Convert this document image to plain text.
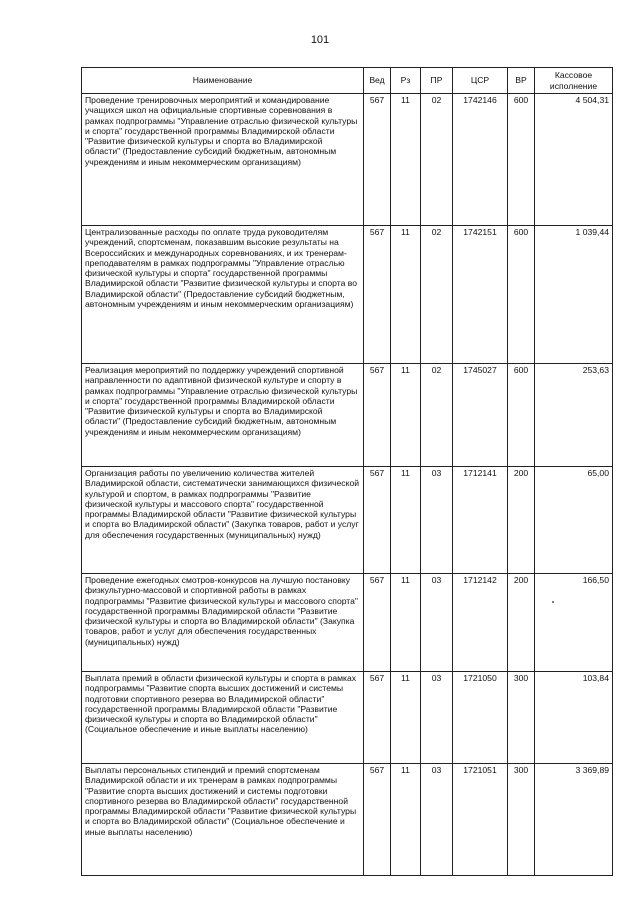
101
Наименование	Вед	Рз	ПР	ЦСР	ВР	Кассовое исполнение
Проведение тренировочных мероприятий и командирование учащихся школ на официальные спортивные соревнования в рамках подпрограммы "Управление отраслью физической культуры и спорта" государственной программы Владимирской области "Развитие физической культуры и спорта во Владимирской области" (Предоставление субсидий бюджетным, автономным учреждениям и иным некоммерческим организациям)	567	11	02	1742146	600	4 504,31
Централизованные расходы по оплате труда руководителям учреждений, спортсменам, показавшим высокие результаты на Всероссийских и международных соревнованиях, и их тренерам-преподавателям в рамках подпрограммы "Управление отраслью физической культуры и спорта" государственной программы Владимирской области "Развитие физической культуры и спорта во Владимирской области" (Предоставление субсидий бюджетным, автономным учреждениям и иным некоммерческим организациям)	567	11	02	1742151	600	1 039,44
Реализация мероприятий по поддержку учреждений спортивной направленности по адаптивной физической культуре и спорту в рамках подпрограммы "Управление отраслью физической культуры и спорта" государственной программы Владимирской области "Развитие физической культуры и спорта во Владимирской области" (Предоставление субсидий бюджетным, автономным учреждениям и иным некоммерческим организациям)	567	11	02	1745027	600	253,63
Организация работы по увеличению количества жителей Владимирской области, систематически занимающихся физической культурой и спортом, в рамках подпрограммы "Развитие физической культуры и массового спорта" государственной программы Владимирской области "Развитие физической культуры и спорта во Владимирской области" (Закупка товаров, работ и услуг для обеспечения государственных (муниципальных) нужд)	567	11	03	1712141	200	65,00
Проведение ежегодных смотров-конкурсов на лучшую постановку физкультурно-массовой и спортивной работы в рамках подпрограммы "Развитие физической культуры и массового спорта" государственной программы Владимирской области "Развитие физической культуры и спорта во Владимирской области" (Закупка товаров, работ и услуг для обеспечения государственных (муниципальных) нужд)	567	11	03	1712142	200	166,50
Выплата премий в области физической культуры и спорта в рамках подпрограммы "Развитие спорта высших достижений и системы подготовки спортивного резерва во Владимирской области" государственной программы Владимирской области "Развитие физической культуры и спорта во Владимирской области" (Социальное обеспечение и иные выплаты населению)	567	11	03	1721050	300	103,84
Выплаты персональных стипендий и премий спортсменам Владимирской области и их тренерам в рамках подпрограммы "Развитие спорта высших достижений и системы подготовки спортивного резерва во Владимирской области" государственной программы Владимирской области "Развитие физической культуры и спорта во Владимирской области" (Социальное обеспечение и иные выплаты населению)	567	11	03	1721051	300	3 369,89
